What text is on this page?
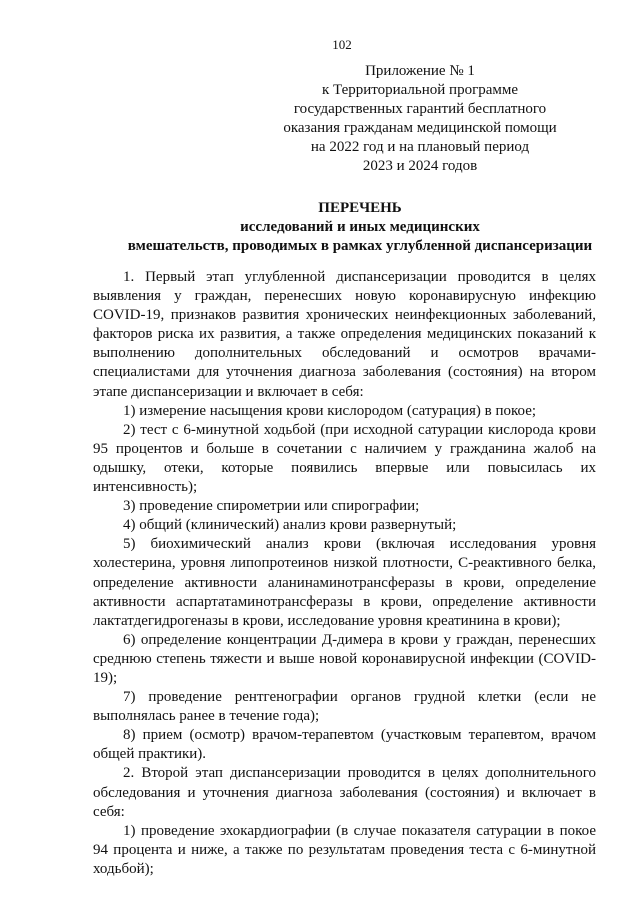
102
Приложение № 1
к Территориальной программе
государственных гарантий бесплатного
оказания гражданам медицинской помощи
на 2022 год и на плановый период
2023 и 2024 годов
ПЕРЕЧЕНЬ
исследований и иных медицинских
вмешательств, проводимых в рамках углубленной диспансеризации

1. Первый этап углубленной диспансеризации проводится в целях выявления у граждан, перенесших новую коронавирусную инфекцию COVID-19, признаков развития хронических неинфекционных заболеваний, факторов риска их развития, а также определения медицинских показаний к выполнению дополнительных обследований и осмотров врачами-специалистами для уточнения диагноза заболевания (состояния) на втором этапе диспансеризации и включает в себя:

1) измерение насыщения крови кислородом (сатурация) в покое;

2) тест с 6-минутной ходьбой (при исходной сатурации кислорода крови 95 процентов и больше в сочетании с наличием у гражданина жалоб на одышку, отеки, которые появились впервые или повысилась их интенсивность);

3) проведение спирометрии или спирографии;

4) общий (клинический) анализ крови развернутый;

5) биохимический анализ крови (включая исследования уровня холестерина, уровня липопротеинов низкой плотности, С-реактивного белка, определение активности аланинаминотрансферазы в крови, определение активности аспартатаминотрансферазы в крови, определение активности лактатдегидрогеназы в крови, исследование уровня креатинина в крови);

6) определение концентрации Д-димера в крови у граждан, перенесших среднюю степень тяжести и выше новой коронавирусной инфекции (COVID-19);

7) проведение рентгенографии органов грудной клетки (если не выполнялась ранее в течение года);

8) прием (осмотр) врачом-терапевтом (участковым терапевтом, врачом общей практики).

2. Второй этап диспансеризации проводится в целях дополнительного обследования и уточнения диагноза заболевания (состояния) и включает в себя:

1) проведение эхокардиографии (в случае показателя сатурации в покое 94 процента и ниже, а также по результатам проведения теста с 6-минутной ходьбой);
